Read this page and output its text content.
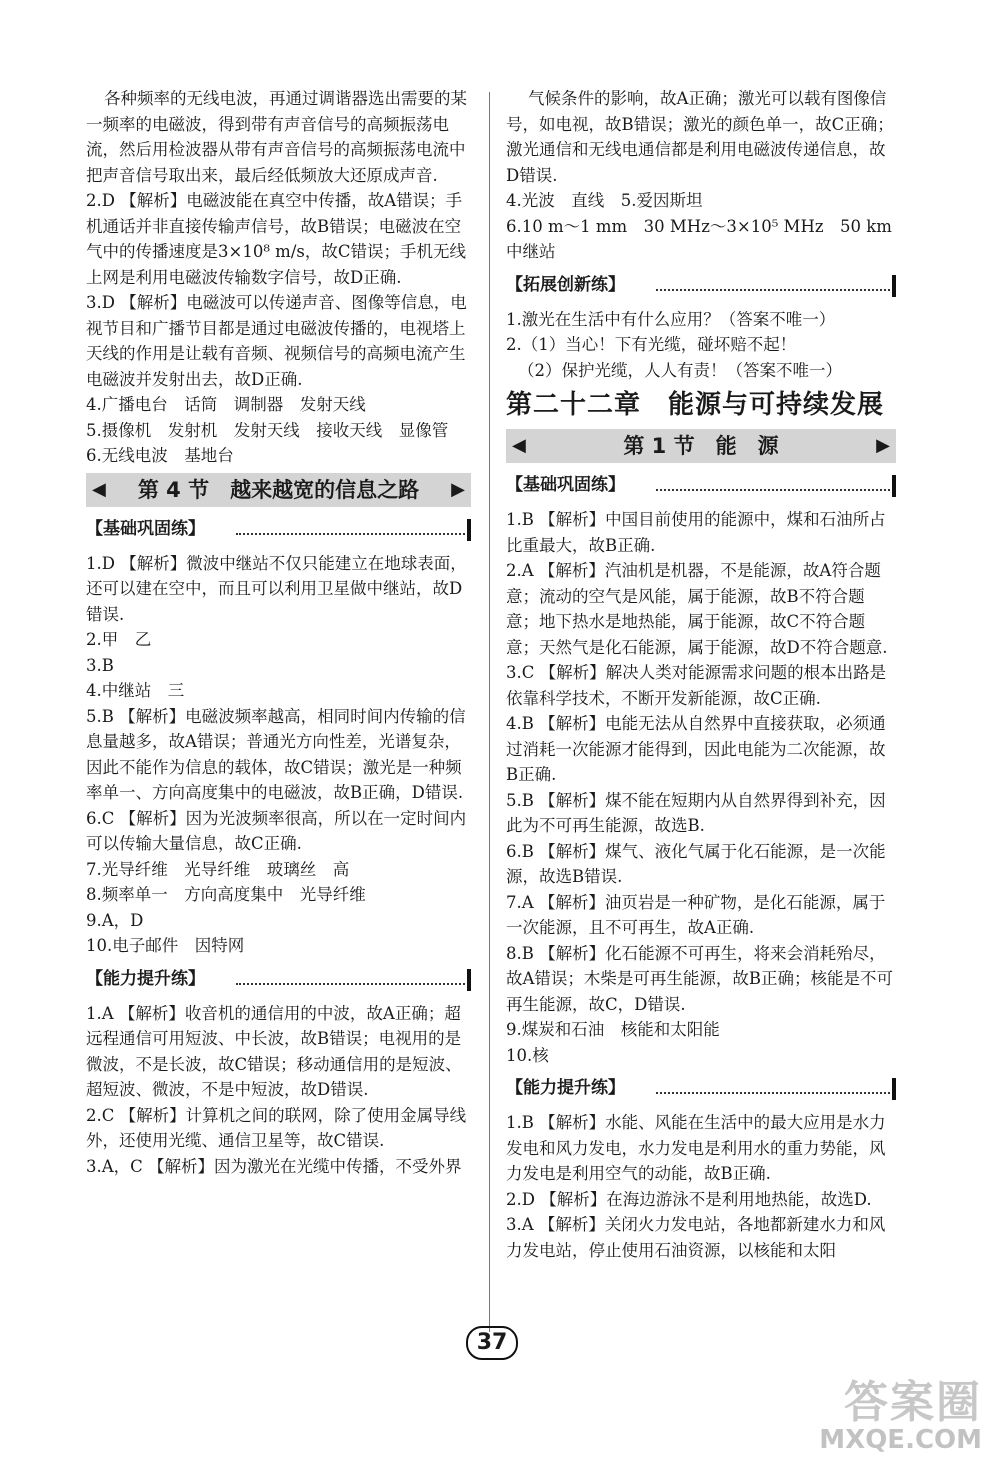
各种频率的无线电波，再通过调谐器选出需要的某一频率的电磁波，得到带有声音信号的高频振荡电流，然后用检波器从带有声音信号的高频振荡电流中把声音信号取出来，最后经低频放大还原成声音.

2.D 【解析】电磁波能在真空中传播，故A错误；手机通话并非直接传输声信号，故B错误；电磁波在空气中的传播速度是3×10⁸ m/s，故C错误；手机无线上网是利用电磁波传输数字信号，故D正确.

3.D 【解析】电磁波可以传递声音、图像等信息，电视节目和广播节目都是通过电磁波传播的，电视塔上天线的作用是让载有音频、视频信号的高频电流产生电磁波并发射出去，故D正确.

4.广播电台　话筒　调制器　发射天线

5.摄像机　发射机　发射天线　接收天线　显像管

6.无线电波　基地台

◀ 第 4 节　越来越宽的信息之路 ▶
【基础巩固练】

1.D 【解析】微波中继站不仅只能建立在地球表面，还可以建在空中，而且可以利用卫星做中继站，故D错误.

2.甲　乙

3.B

4.中继站　三

5.B 【解析】电磁波频率越高，相同时间内传输的信息量越多，故A错误；普通光方向性差，光谱复杂，因此不能作为信息的载体，故C错误；激光是一种频率单一、方向高度集中的电磁波，故B正确，D错误.

6.C 【解析】因为光波频率很高，所以在一定时间内可以传输大量信息，故C正确.

7.光导纤维　光导纤维　玻璃丝　高

8.频率单一　方向高度集中　光导纤维

9.A，D

10.电子邮件　因特网

【能力提升练】

1.A 【解析】收音机的通信用的中波，故A正确；超远程通信可用短波、中长波，故B错误；电视用的是微波，不是长波，故C错误；移动通信用的是短波、超短波、微波，不是中短波，故D错误.

2.C 【解析】计算机之间的联网，除了使用金属导线外，还使用光缆、通信卫星等，故C错误.

3.A，C 【解析】因为激光在光缆中传播，不受外界

气候条件的影响，故A正确；激光可以载有图像信号，如电视，故B错误；激光的颜色单一，故C正确；激光通信和无线电通信都是利用电磁波传递信息，故D错误.

4.光波　直线　5.爱因斯坦

6.10 m～1 mm　30 MHz～3×10⁵ MHz　50 km　中继站

【拓展创新练】

1.激光在生活中有什么应用？（答案不唯一）

2.（1）当心！下有光缆，碰坏赔不起！

（2）保护光缆，人人有责！（答案不唯一）

第二十二章　能源与可持续发展
◀	第 1 节　能　源	▶
【基础巩固练】

1.B 【解析】中国目前使用的能源中，煤和石油所占比重最大，故B正确.

2.A 【解析】汽油机是机器，不是能源，故A符合题意；流动的空气是风能，属于能源，故B不符合题意；地下热水是地热能，属于能源，故C不符合题意；天然气是化石能源，属于能源，故D不符合题意.

3.C 【解析】解决人类对能源需求问题的根本出路是依靠科学技术，不断开发新能源，故C正确.

4.B 【解析】电能无法从自然界中直接获取，必须通过消耗一次能源才能得到，因此电能为二次能源，故B正确.

5.B 【解析】煤不能在短期内从自然界得到补充，因此为不可再生能源，故选B.

6.B 【解析】煤气、液化气属于化石能源，是一次能源，故选B错误.

7.A 【解析】油页岩是一种矿物，是化石能源，属于一次能源，且不可再生，故A正确.

8.B 【解析】化石能源不可再生，将来会消耗殆尽，故A错误；木柴是可再生能源，故B正确；核能是不可再生能源，故C，D错误.

9.煤炭和石油　核能和太阳能

10.核

【能力提升练】

1.B 【解析】水能、风能在生活中的最大应用是水力发电和风力发电，水力发电是利用水的重力势能，风力发电是利用空气的动能，故B正确.

2.D 【解析】在海边游泳不是利用地热能，故选D.

3.A 【解析】关闭火力发电站，各地都新建水力和风力发电站，停止使用石油资源，以核能和太阳

37
答案圈
MXQE.COM
